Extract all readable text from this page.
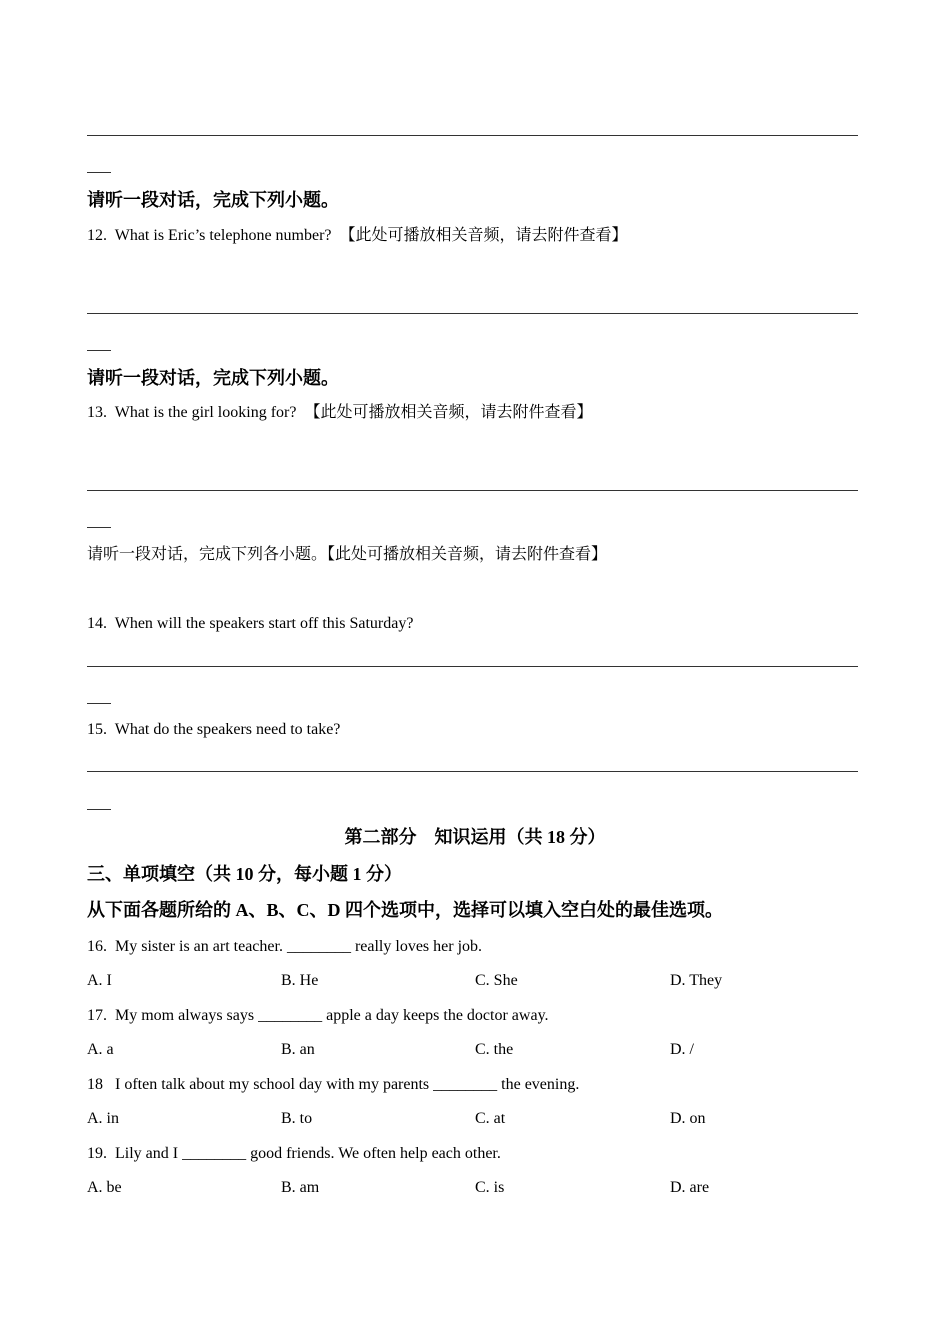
请听一段对话，完成下列小题。
12. What is Eric’s telephone number? 【此处可播放相关音频，请去附件查看】
请听一段对话，完成下列小题。
13. What is the girl looking for? 【此处可播放相关音频，请去附件查看】
请听一段对话，完成下列各小题。【此处可播放相关音频，请去附件查看】
14. When will the speakers start off this Saturday?
15. What do the speakers need to take?
第二部分　知识运用（共 18 分）
三、单项填空（共 10 分，每小题 1 分）
从下面各题所给的 A、B、C、D 四个选项中，选择可以填入空白处的最佳选项。
16. My sister is an art teacher. ________ really loves her job.
A. I	B. He	C. She	D. They
17. My mom always says ________ apple a day keeps the doctor away.
A. a	B. an	C. the	D. /
18 I often talk about my school day with my parents ________ the evening.
A. in	B. to	C. at	D. on
19. Lily and I ________ good friends. We often help each other.
A. be	B. am	C. is	D. are
